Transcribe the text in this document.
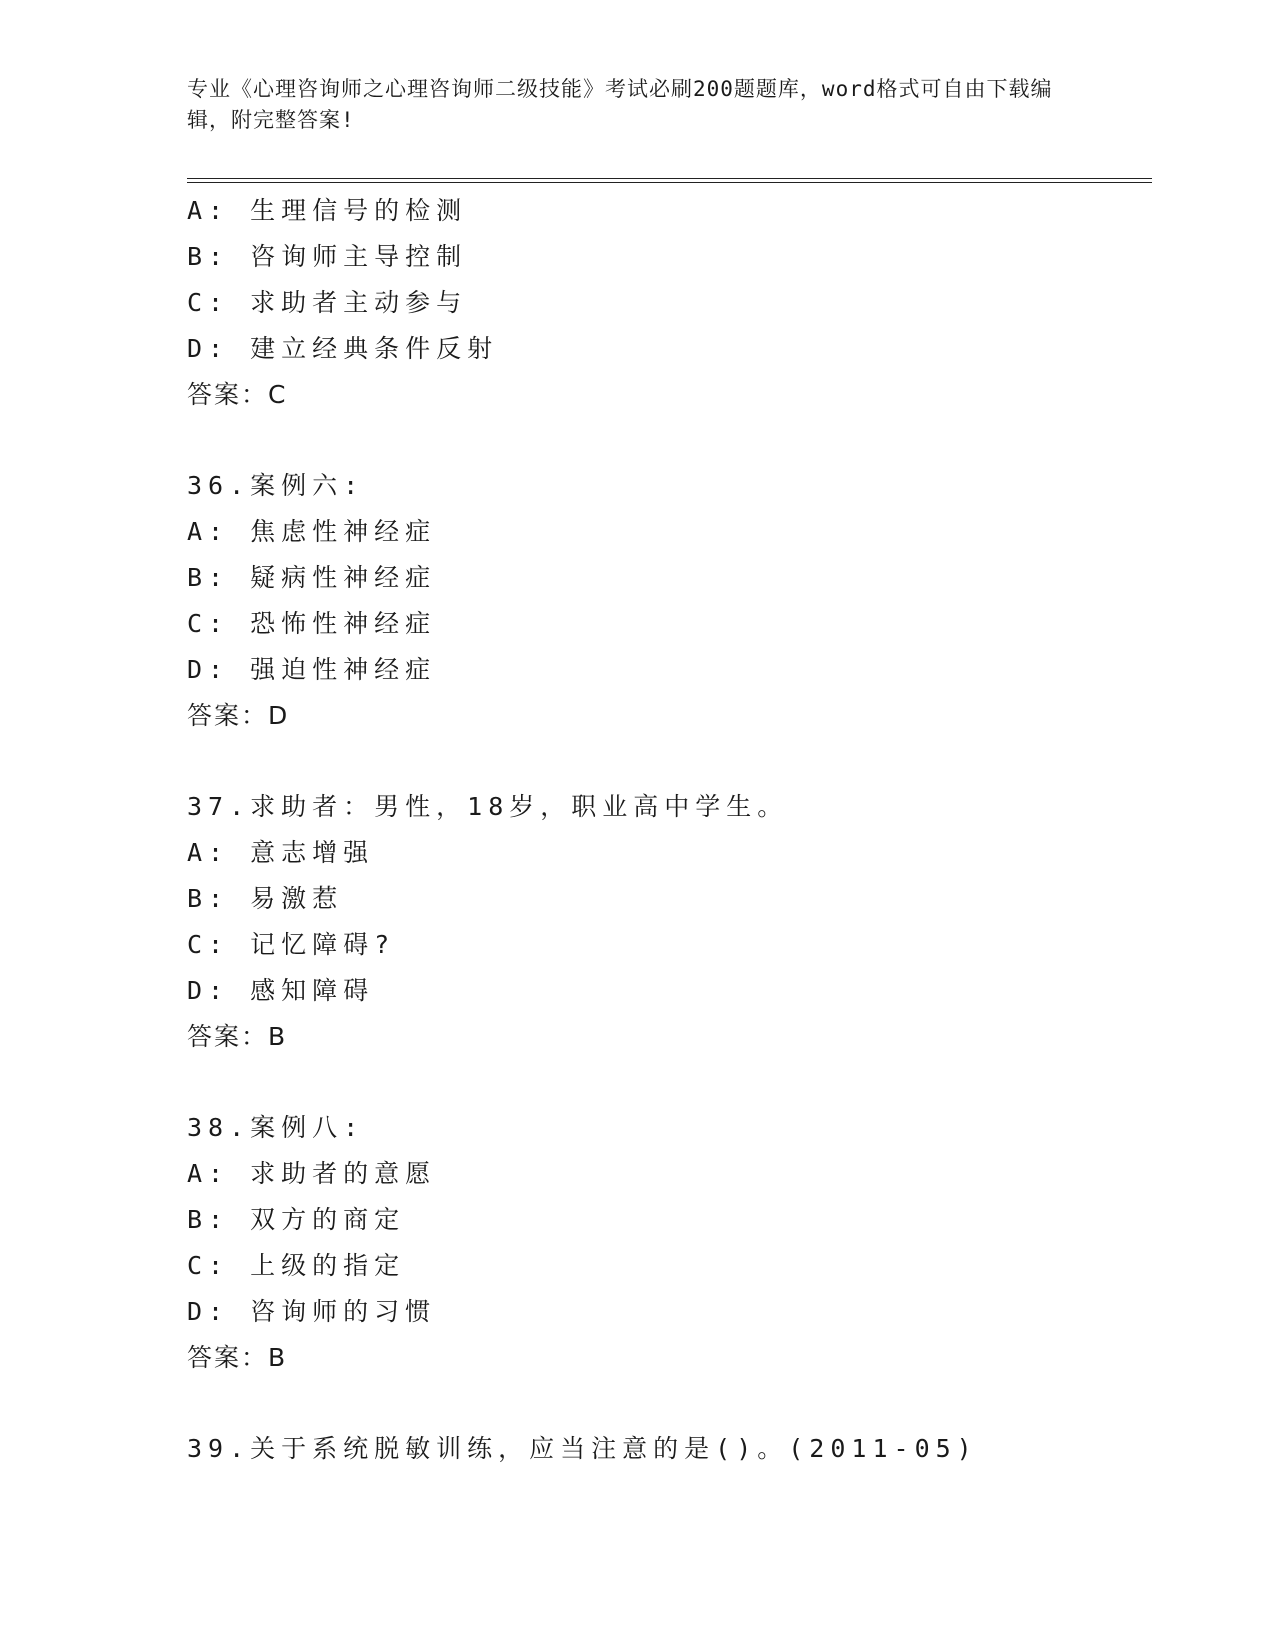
专业《心理咨询师之心理咨询师二级技能》考试必刷200题题库，word格式可自由下载编辑，附完整答案!
A: 生理信号的检测
B: 咨询师主导控制
C: 求助者主动参与
D: 建立经典条件反射
答案：C
36.案例六:
A: 焦虑性神经症
B: 疑病性神经症
C: 恐怖性神经症
D: 强迫性神经症
答案：D
37.求助者：男性，18岁，职业高中学生。
A: 意志增强
B: 易激惹
C: 记忆障碍?
D: 感知障碍
答案：B
38.案例八:
A: 求助者的意愿
B: 双方的商定
C: 上级的指定
D: 咨询师的习惯
答案：B
39.关于系统脱敏训练，应当注意的是()。(2011-05)
